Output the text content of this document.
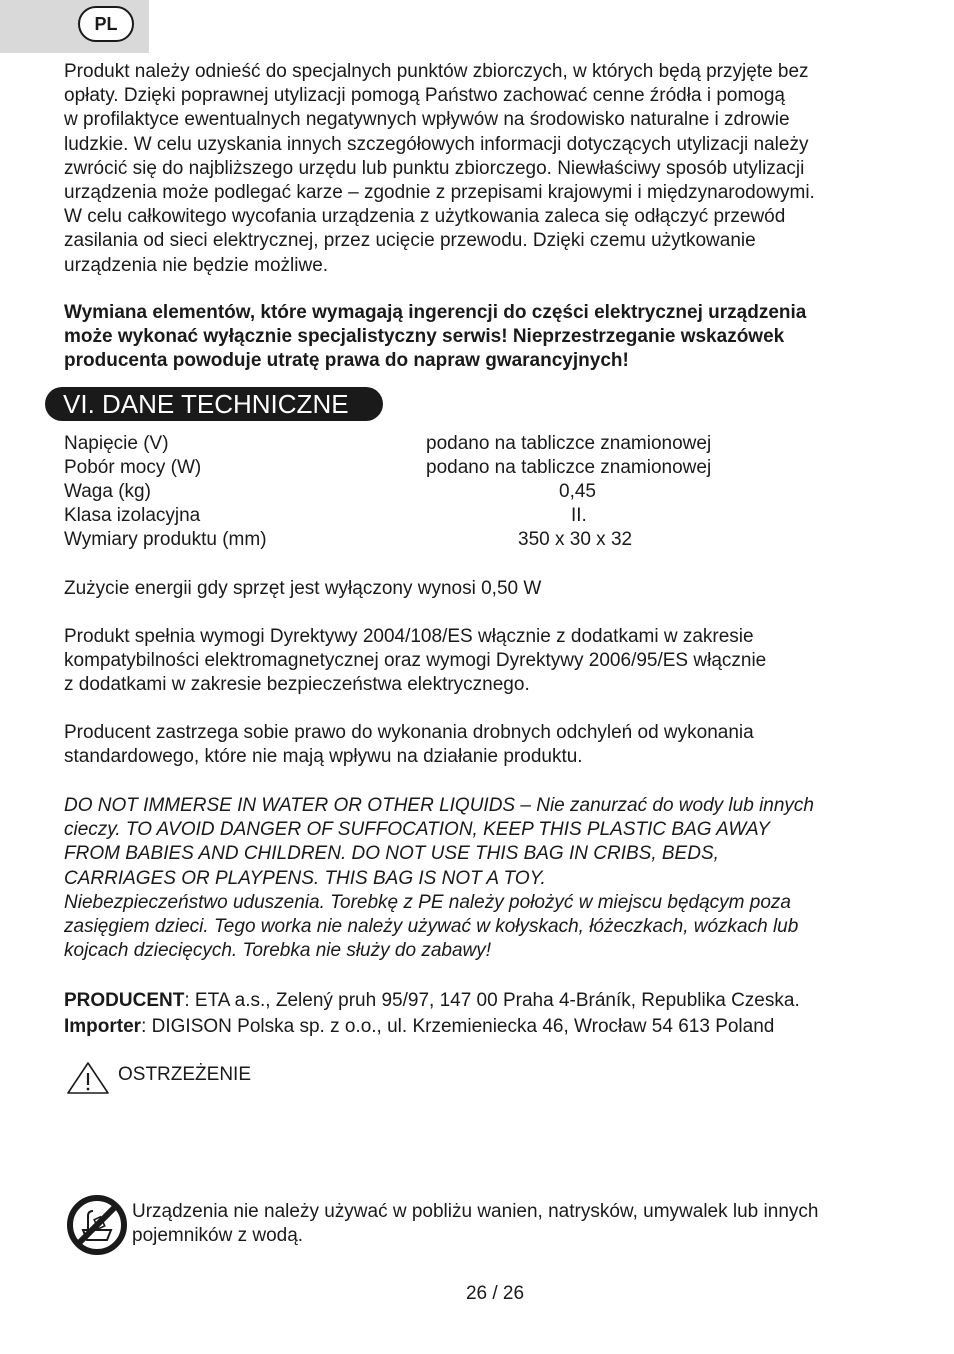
PL
Produkt należy odnieść do specjalnych punktów zbiorczych, w których będą przyjęte bez
opłaty. Dzięki poprawnej utylizacji pomogą Państwo zachować cenne źródła i pomogą
w profilaktyce ewentualnych negatywnych wpływów na środowisko naturalne i zdrowie
ludzkie. W celu uzyskania innych szczegółowych informacji dotyczących utylizacji należy
zwrócić się do najbliższego urzędu lub punktu zbiorczego. Niewłaściwy sposób utylizacji
urządzenia może podlegać karze – zgodnie z przepisami krajowymi i międzynarodowymi.
W celu całkowitego wycofania urządzenia z użytkowania zaleca się odłączyć przewód
zasilania od sieci elektrycznej, przez ucięcie przewodu. Dzięki czemu użytkowanie
urządzenia nie będzie możliwe.
Wymiana elementów, które wymagają ingerencji do części elektrycznej urządzenia
może wykonać wyłącznie specjalistyczny serwis! Nieprzestrzeganie wskazówek
producenta powoduje utratę prawa do napraw gwarancyjnych!
VI. DANE TECHNICZNE
Napięcie (V)	podano na tabliczce znamionowej
Pobór mocy (W)	podano na tabliczce znamionowej
Waga (kg)	0,45
Klasa izolacyjna	II.
Wymiary produktu (mm)	350 x 30 x 32
Zużycie energii gdy sprzęt jest wyłączony wynosi 0,50 W
Produkt spełnia wymogi Dyrektywy 2004/108/ES włącznie z dodatkami w zakresie
kompatybilności elektromagnetycznej oraz wymogi Dyrektywy 2006/95/ES włącznie
z dodatkami w zakresie bezpieczeństwa elektrycznego.
Producent zastrzega sobie prawo do wykonania drobnych odchyleń od wykonania
standardowego, które nie mają wpływu na działanie produktu.
DO NOT IMMERSE IN WATER OR OTHER LIQUIDS – Nie zanurzać do wody lub innych
cieczy. TO AVOID DANGER OF SUFFOCATION, KEEP THIS PLASTIC BAG AWAY
FROM BABIES AND CHILDREN. DO NOT USE THIS BAG IN CRIBS, BEDS,
CARRIAGES OR PLAYPENS. THIS BAG IS NOT A TOY.
Niebezpieczeństwo uduszenia. Torebkę z PE należy położyć w miejscu będącym poza
zasięgiem dzieci. Tego worka nie należy używać w kołyskach, łóżeczkach, wózkach lub
kojcach dziecięcych. Torebka nie służy do zabawy!
PRODUCENT: ETA a.s., Zelený pruh 95/97, 147 00 Praha 4-Bráník, Republika Czeska.
Importer: DIGISON Polska sp. z o.o., ul. Krzemieniecka 46, Wrocław 54 613 Poland
OSTRZEŻENIE
Urządzenia nie należy używać w pobliżu wanien, natrysków, umywalek lub innych
pojemników z wodą.
26 / 26
